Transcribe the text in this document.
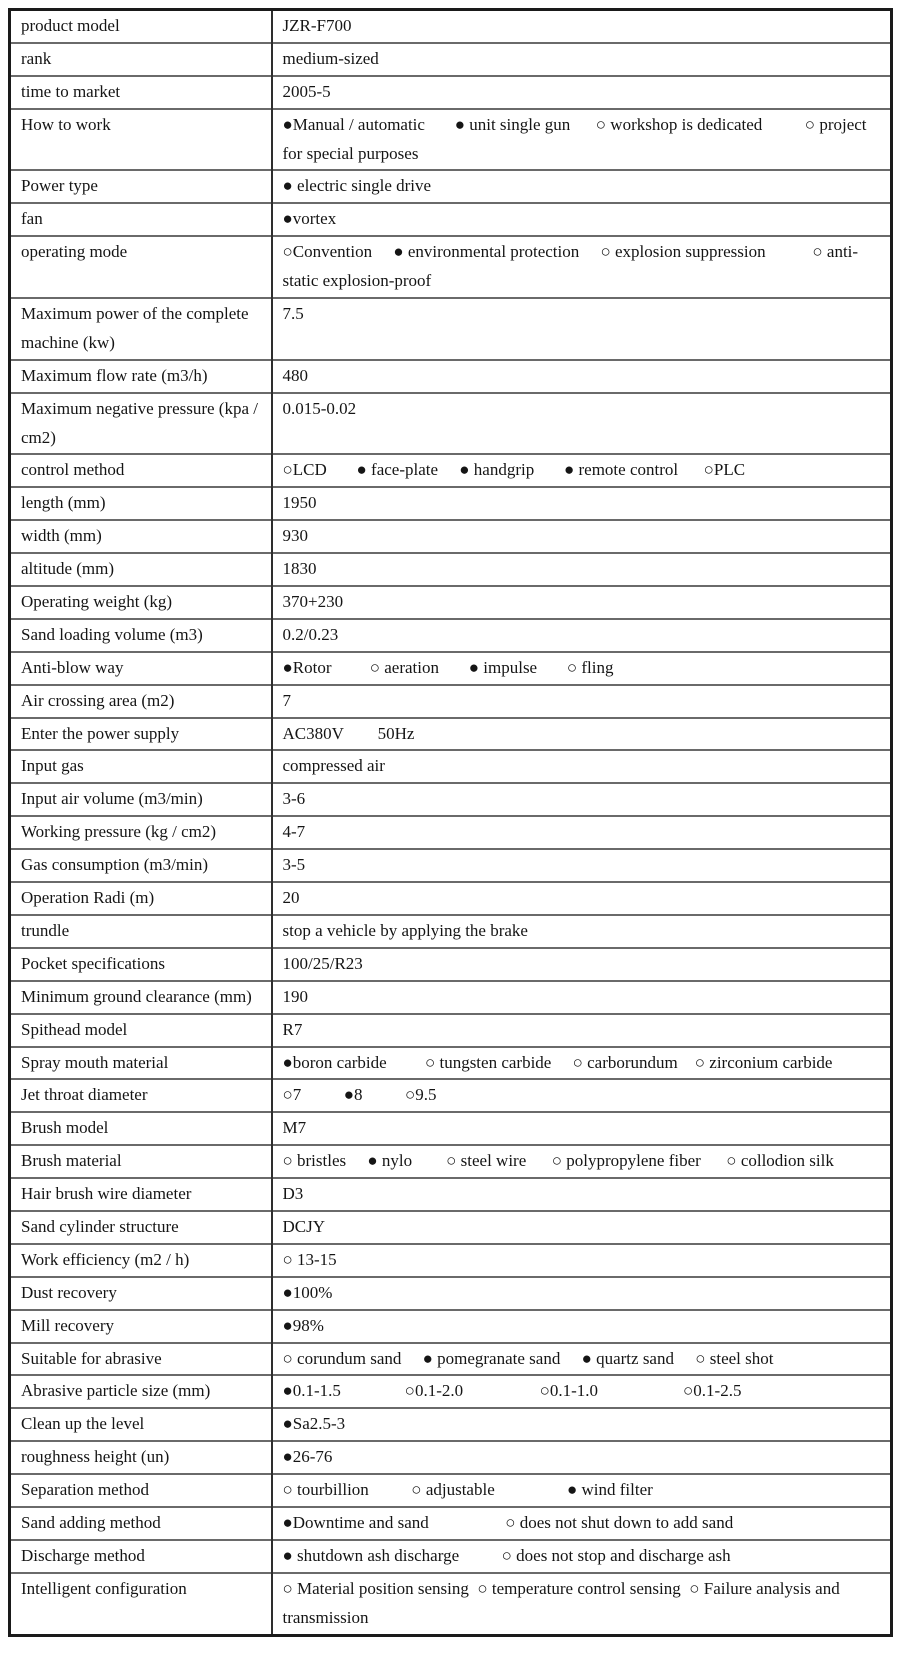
product model	JZR-F700
rank	medium-sized
time to market	2005-5
How to work	●Manual / automatic       ● unit single gun      ○ workshop is dedicated          ○ project for special purposes
Power type	● electric single drive
fan	●vortex
operating mode	○Convention     ● environmental protection     ○ explosion suppression           ○ anti-static explosion-proof
Maximum power of the complete machine (kw)	7.5
Maximum flow rate (m3/h)	480
Maximum negative pressure (kpa / cm2)	0.015-0.02
control method	○LCD       ● face-plate     ● handgrip       ● remote control      ○PLC
length (mm)	1950
width (mm)	930
altitude (mm)	1830
Operating weight (kg)	370+230
Sand loading volume (m3)	0.2/0.23
Anti-blow way	●Rotor         ○ aeration       ● impulse       ○ fling
Air crossing area (m2)	7
Enter the power supply	AC380V        50Hz
Input gas	compressed air
Input air volume (m3/min)	3-6
Working pressure (kg / cm2)	4-7
Gas consumption (m3/min)	3-5
Operation Radi (m)	20
trundle	stop a vehicle by applying the brake
Pocket specifications	100/25/R23
Minimum ground clearance (mm)	190
Spithead model	R7
Spray mouth material	●boron carbide         ○ tungsten carbide     ○ carborundum    ○ zirconium carbide
Jet throat diameter	○7          ●8          ○9.5
Brush model	M7
Brush material	○ bristles     ● nylo        ○ steel wire      ○ polypropylene fiber      ○ collodion silk
Hair brush wire diameter	D3
Sand cylinder structure	DCJY
Work efficiency (m2 / h)	○ 13-15
Dust recovery	●100%
Mill recovery	●98%
Suitable for abrasive	○ corundum sand     ● pomegranate sand     ● quartz sand     ○ steel shot
Abrasive particle size (mm)	●0.1-1.5               ○0.1-2.0                  ○0.1-1.0                    ○0.1-2.5
Clean up the level	●Sa2.5-3
roughness height (un)	●26-76
Separation method	○ tourbillion          ○ adjustable                 ● wind filter
Sand adding method	●Downtime and sand                  ○ does not shut down to add sand
Discharge method	● shutdown ash discharge          ○ does not stop and discharge ash
Intelligent configuration	○ Material position sensing  ○ temperature control sensing  ○ Failure analysis and transmission
